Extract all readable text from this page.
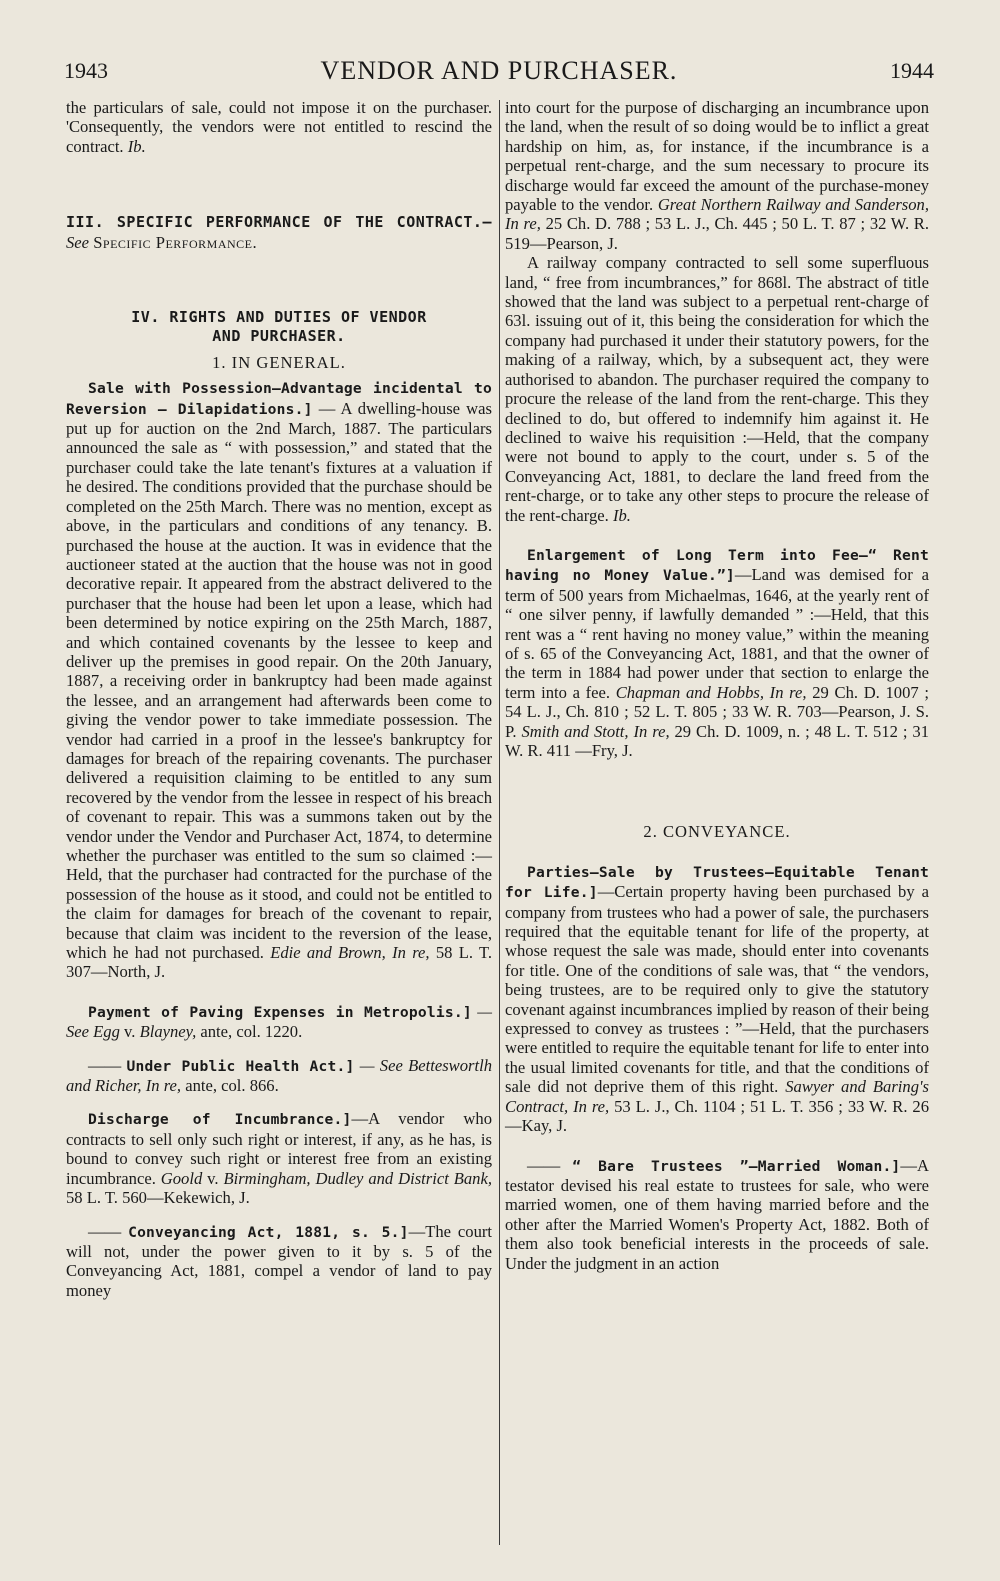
1943	VENDOR AND PURCHASER.	1944

the particulars of sale, could not impose it on the purchaser. 'Consequently, the vendors were not entitled to rescind the contract. Ib.

III. SPECIFIC PERFORMANCE OF THE CONTRACT.—See Specific Performance.

IV. RIGHTS AND DUTIES OF VENDOR
AND PURCHASER.
1. IN GENERAL.

Sale with Possession—Advantage incidental to Reversion — Dilapidations.] — A dwelling-house was put up for auction on the 2nd March, 1887. The particulars announced the sale as “ with possession,” and stated that the purchaser could take the late tenant's fixtures at a valuation if he desired. The conditions provided that the purchase should be completed on the 25th March. There was no mention, except as above, in the particulars and conditions of any tenancy. B. purchased the house at the auction. It was in evidence that the auctioneer stated at the auction that the house was not in good decorative repair. It appeared from the abstract delivered to the purchaser that the house had been let upon a lease, which had been determined by notice expiring on the 25th March, 1887, and which contained covenants by the lessee to keep and deliver up the premises in good repair. On the 20th January, 1887, a receiving order in bankruptcy had been made against the lessee, and an arrangement had afterwards been come to giving the vendor power to take immediate possession. The vendor had carried in a proof in the lessee's bankruptcy for damages for breach of the repairing covenants. The purchaser delivered a requisition claiming to be entitled to any sum recovered by the vendor from the lessee in respect of his breach of covenant to repair. This was a summons taken out by the vendor under the Vendor and Purchaser Act, 1874, to determine whether the purchaser was entitled to the sum so claimed :—Held, that the purchaser had contracted for the purchase of the possession of the house as it stood, and could not be entitled to the claim for damages for breach of the covenant to repair, because that claim was incident to the reversion of the lease, which he had not purchased. Edie and Brown, In re, 58 L. T. 307—North, J.

Payment of Paving Expenses in Metropolis.] —See Egg v. Blayney, ante, col. 1220.

—— Under Public Health Act.] — See Betteswortlh and Richer, In re, ante, col. 866.

Discharge of Incumbrance.]—A vendor who contracts to sell only such right or interest, if any, as he has, is bound to convey such right or interest free from an existing incumbrance. Goold v. Birmingham, Dudley and District Bank, 58 L. T. 560—Kekewich, J.

—— Conveyancing Act, 1881, s. 5.]—The court will not, under the power given to it by s. 5 of the Conveyancing Act, 1881, compel a vendor of land to pay money

into court for the purpose of discharging an incumbrance upon the land, when the result of so doing would be to inflict a great hardship on him, as, for instance, if the incumbrance is a perpetual rent-charge, and the sum necessary to procure its discharge would far exceed the amount of the purchase-money payable to the vendor. Great Northern Railway and Sanderson, In re, 25 Ch. D. 788 ; 53 L. J., Ch. 445 ; 50 L. T. 87 ; 32 W. R. 519—Pearson, J.

A railway company contracted to sell some superfluous land, “ free from incumbrances,” for 868l. The abstract of title showed that the land was subject to a perpetual rent-charge of 63l. issuing out of it, this being the consideration for which the company had purchased it under their statutory powers, for the making of a railway, which, by a subsequent act, they were authorised to abandon. The purchaser required the company to procure the release of the land from the rent-charge. This they declined to do, but offered to indemnify him against it. He declined to waive his requisition :—Held, that the company were not bound to apply to the court, under s. 5 of the Conveyancing Act, 1881, to declare the land freed from the rent-charge, or to take any other steps to procure the release of the rent-charge. Ib.

Enlargement of Long Term into Fee—“ Rent having no Money Value.”]—Land was demised for a term of 500 years from Michaelmas, 1646, at the yearly rent of “ one silver penny, if lawfully demanded ” :—Held, that this rent was a “ rent having no money value,” within the meaning of s. 65 of the Conveyancing Act, 1881, and that the owner of the term in 1884 had power under that section to enlarge the term into a fee. Chapman and Hobbs, In re, 29 Ch. D. 1007 ; 54 L. J., Ch. 810 ; 52 L. T. 805 ; 33 W. R. 703—Pearson, J. S. P. Smith and Stott, In re, 29 Ch. D. 1009, n. ; 48 L. T. 512 ; 31 W. R. 411 —Fry, J.

2. CONVEYANCE.

Parties—Sale by Trustees—Equitable Tenant for Life.]—Certain property having been purchased by a company from trustees who had a power of sale, the purchasers required that the equitable tenant for life of the property, at whose request the sale was made, should enter into covenants for title. One of the conditions of sale was, that “ the vendors, being trustees, are to be required only to give the statutory covenant against incumbrances implied by reason of their being expressed to convey as trustees : ”—Held, that the purchasers were entitled to require the equitable tenant for life to enter into the usual limited covenants for title, and that the conditions of sale did not deprive them of this right. Sawyer and Baring's Contract, In re, 53 L. J., Ch. 1104 ; 51 L. T. 356 ; 33 W. R. 26—Kay, J.

—— “ Bare Trustees ”—Married Woman.]—A testator devised his real estate to trustees for sale, who were married women, one of them having married before and the other after the Married Women's Property Act, 1882. Both of them also took beneficial interests in the proceeds of sale. Under the judgment in an action
